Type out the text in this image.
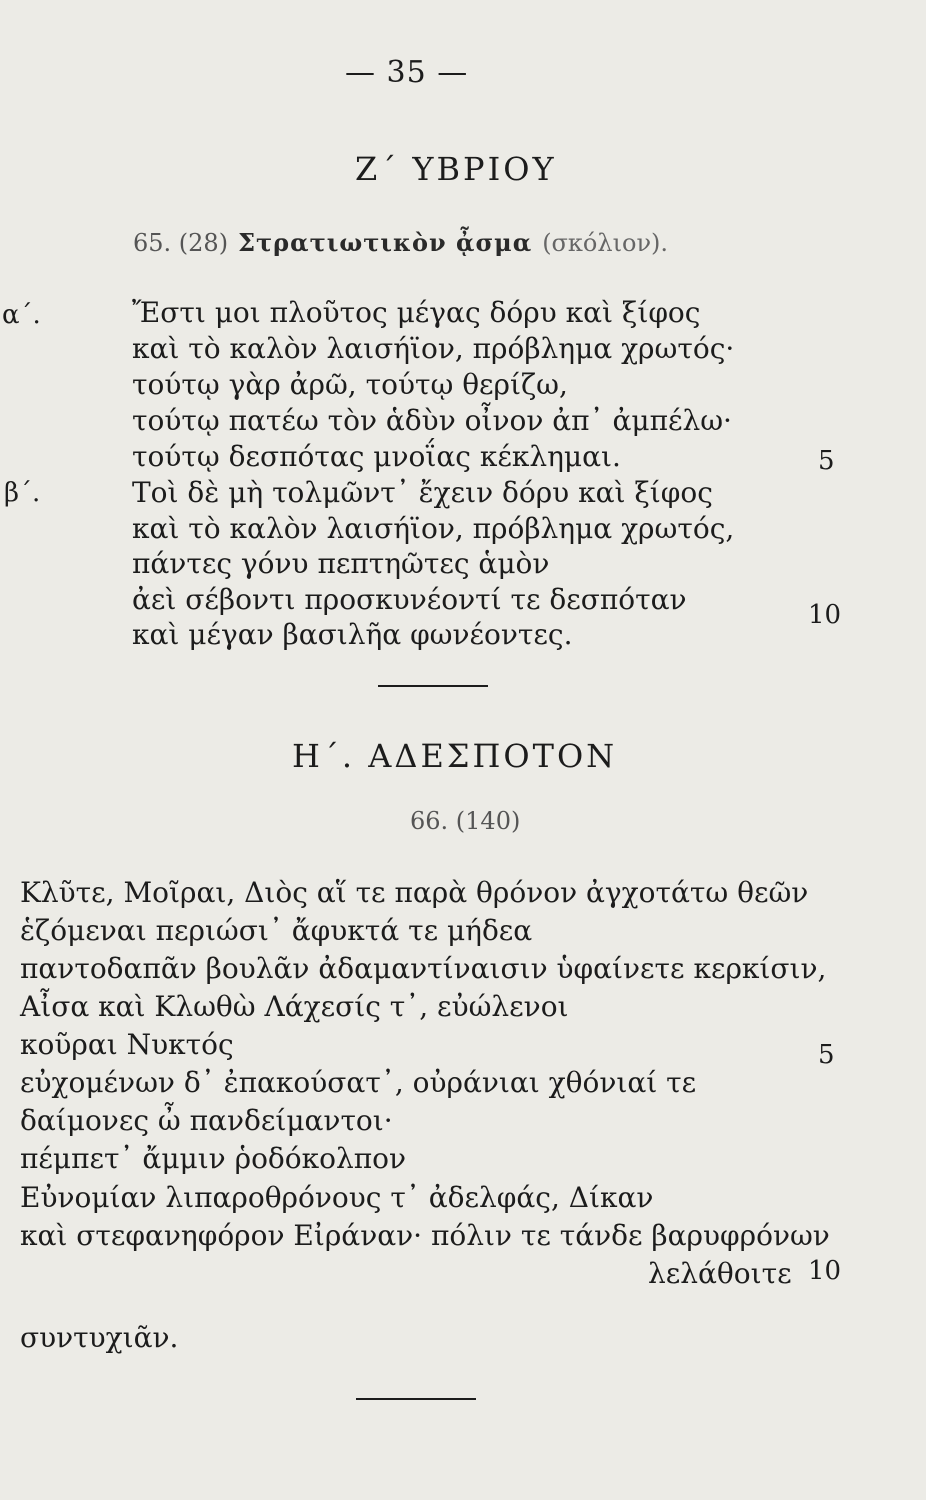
— 35 —
Ζ΄ ΥΒΡΙΟΥ
65. (28) Στρατιωτικὸν ᾆσμα (σκόλιον).
α΄.
β΄.
Ἔστι μοι πλοῦτος μέγας δόρυ καὶ ξίφος
καὶ τὸ καλὸν λαισήϊον, πρόβλημα χρωτός·
τούτῳ γὰρ ἀρῶ, τούτῳ θερίζω,
τούτῳ πατέω τὸν ἁδὺν οἶνον ἀπ᾿ ἀμπέλω·
τούτῳ δεσπότας μνοΐας κέκλημαι.
Τοὶ δὲ μὴ τολμῶντ᾿ ἔχειν δόρυ καὶ ξίφος
καὶ τὸ καλὸν λαισήϊον, πρόβλημα χρωτός,
πάντες γόνυ πεπτηῶτες ἁμὸν
ἀεὶ σέβοντι προσκυνέοντί τε δεσπόταν
καὶ μέγαν βασιλῆα φωνέοντες.
5
10
Η΄. ΑΔΕΣΠΟΤΟΝ
66. (140)
Κλῦτε, Μοῖραι, Διὸς αἵ τε παρὰ θρόνον ἀγχοτάτω θεῶν
ἑζόμεναι περιώσι᾿ ἄφυκτά τε μήδεα
παντοδαπᾶν βουλᾶν ἀδαμαντίναισιν ὑφαίνετε κερκίσιν,
Αἶσα καὶ Κλωθὼ Λάχεσίς τ᾿, εὐώλενοι
κοῦραι Νυκτός
εὐχομένων δ᾿ ἐπακούσατ᾿, οὐράνιαι χθόνιαί τε
δαίμονες ὦ πανδείμαντοι·
πέμπετ᾿ ἄμμιν ῥοδόκολπον
Εὐνομίαν λιπαροθρόνους τ᾿ ἀδελφάς, Δίκαν
καὶ στεφανηφόρον Εἰράναν· πόλιν τε τάνδε βαρυφρόνων
λελάθοιτε
συντυχιᾶν.
5
10
